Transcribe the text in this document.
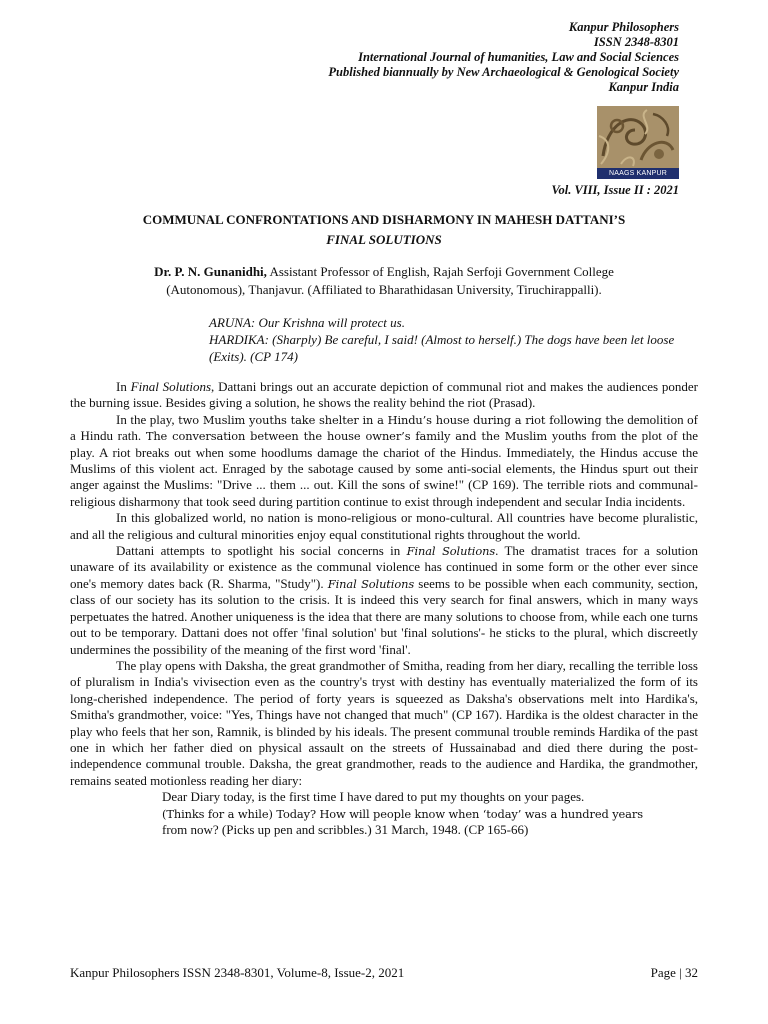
Kanpur Philosophers
ISSN 2348-8301
International Journal of humanities, Law and Social Sciences
Published biannually by New Archaeological & Genological Society
Kanpur India
NAAGS KANPUR
Vol. VIII, Issue II : 2021
COMMUNAL CONFRONTATIONS AND DISHARMONY IN MAHESH DATTANI’S
FINAL SOLUTIONS
Dr. P. N. Gunanidhi, Assistant Professor of English, Rajah Serfoji Government College
(Autonomous), Thanjavur. (Affiliated to Bharathidasan University, Tiruchirappalli).
ARUNA: Our Krishna will protect us.
HARDIKA: (Sharply) Be careful, I said! (Almost to herself.) The dogs have been let loose (Exits). (CP 174)

In Final Solutions, Dattani brings out an accurate depiction of communal riot and makes the audiences ponder the burning issue. Besides giving a solution, he shows the reality behind the riot (Prasad).

In the play, two Muslim youths take shelter in a Hindu’s house during a riot following the demolition of a Hindu rath. The conversation between the house owner’s family and the Muslim youths from the plot of the play. A riot breaks out when some hoodlums damage the chariot of the Hindus. Immediately, the Hindus accuse the Muslims of this violent act. Enraged by the sabotage caused by some anti-social elements, the Hindus spurt out their anger against the Muslims: "Drive ... them ... out. Kill the sons of swine!" (CP 169). The terrible riots and communal-religious disharmony that took seed during partition continue to exist through independent and secular India incidents.

In this globalized world, no nation is mono-religious or mono-cultural. All countries have become pluralistic, and all the religious and cultural minorities enjoy equal constitutional rights throughout the world.

Dattani attempts to spotlight his social concerns in Final Solutions. The dramatist traces for a solution unaware of its availability or existence as the communal violence has continued in some form or the other ever since one's memory dates back (R. Sharma, "Study"). Final Solutions seems to be possible when each community, section, class of our society has its solution to the crisis. It is indeed this very search for final answers, which in many ways perpetuates the hatred. Another uniqueness is the idea that there are many solutions to choose from, while each one turns out to be temporary. Dattani does not offer 'final solution' but 'final solutions'- he sticks to the plural, which discreetly undermines the possibility of the meaning of the first word 'final'.

The play opens with Daksha, the great grandmother of Smitha, reading from her diary, recalling the terrible loss of pluralism in India's vivisection even as the country's tryst with destiny has eventually materialized the form of its long-cherished independence. The period of forty years is squeezed as Daksha's observations melt into Hardika's, Smitha's grandmother, voice: "Yes, Things have not changed that much" (CP 167). Hardika is the oldest character in the play who feels that her son, Ramnik, is blinded by his ideals. The present communal trouble reminds Hardika of the past one in which her father died on physical assault on the streets of Hussainabad and died there during the post-independence communal trouble. Daksha, the great grandmother, reads to the audience and Hardika, the grandmother, remains seated motionless reading her diary:

Dear Diary today, is the first time I have dared to put my thoughts on your pages.
(Thinks for a while) Today? How will people know when ‘today’ was a hundred years
from now? (Picks up pen and scribbles.) 31 March, 1948. (CP 165-66)
Kanpur Philosophers ISSN 2348-8301, Volume-8, Issue-2, 2021	Page | 32
